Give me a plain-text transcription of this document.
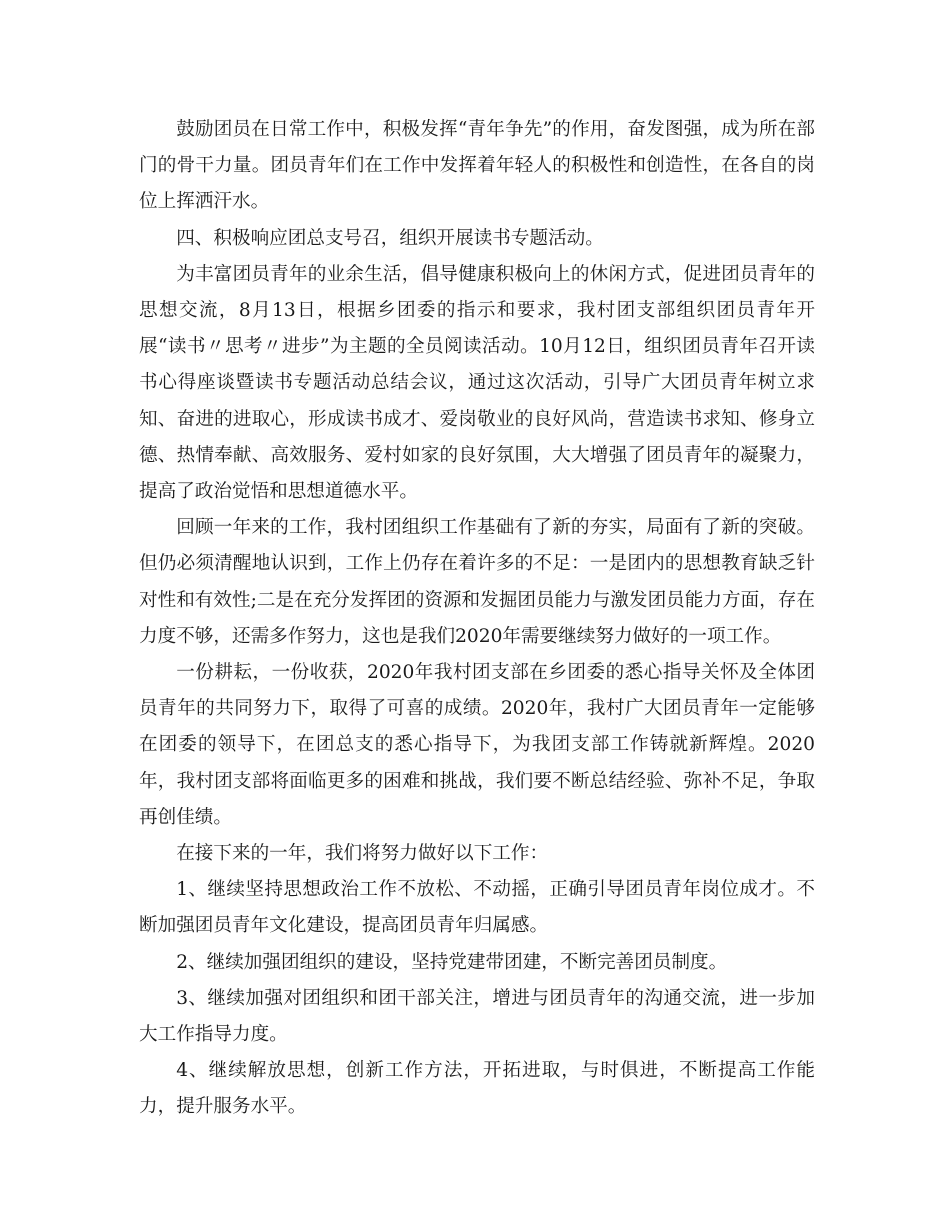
鼓励团员在日常工作中，积极发挥“青年争先”的作用，奋发图强，成为所在部门的骨干力量。团员青年们在工作中发挥着年轻人的积极性和创造性，在各自的岗位上挥洒汗水。

四、积极响应团总支号召，组织开展读书专题活动。

为丰富团员青年的业余生活，倡导健康积极向上的休闲方式，促进团员青年的思想交流，8月13日，根据乡团委的指示和要求，我村团支部组织团员青年开展“读书〃思考〃进步”为主题的全员阅读活动。10月12日，组织团员青年召开读书心得座谈暨读书专题活动总结会议，通过这次活动，引导广大团员青年树立求知、奋进的进取心，形成读书成才、爱岗敬业的良好风尚，营造读书求知、修身立德、热情奉献、高效服务、爱村如家的良好氛围，大大增强了团员青年的凝聚力，提高了政治觉悟和思想道德水平。

回顾一年来的工作，我村团组织工作基础有了新的夯实，局面有了新的突破。但仍必须清醒地认识到，工作上仍存在着许多的不足：一是团内的思想教育缺乏针对性和有效性;二是在充分发挥团的资源和发掘团员能力与激发团员能力方面，存在力度不够，还需多作努力，这也是我们2020年需要继续努力做好的一项工作。

一份耕耘，一份收获，2020年我村团支部在乡团委的悉心指导关怀及全体团员青年的共同努力下，取得了可喜的成绩。2020年，我村广大团员青年一定能够在团委的领导下，在团总支的悉心指导下，为我团支部工作铸就新辉煌。2020年，我村团支部将面临更多的困难和挑战，我们要不断总结经验、弥补不足，争取再创佳绩。

在接下来的一年，我们将努力做好以下工作：

1、继续坚持思想政治工作不放松、不动摇，正确引导团员青年岗位成才。不断加强团员青年文化建设，提高团员青年归属感。

2、继续加强团组织的建设，坚持党建带团建，不断完善团员制度。

3、继续加强对团组织和团干部关注，增进与团员青年的沟通交流，进一步加大工作指导力度。

4、继续解放思想，创新工作方法，开拓进取，与时俱进，不断提高工作能力，提升服务水平。
